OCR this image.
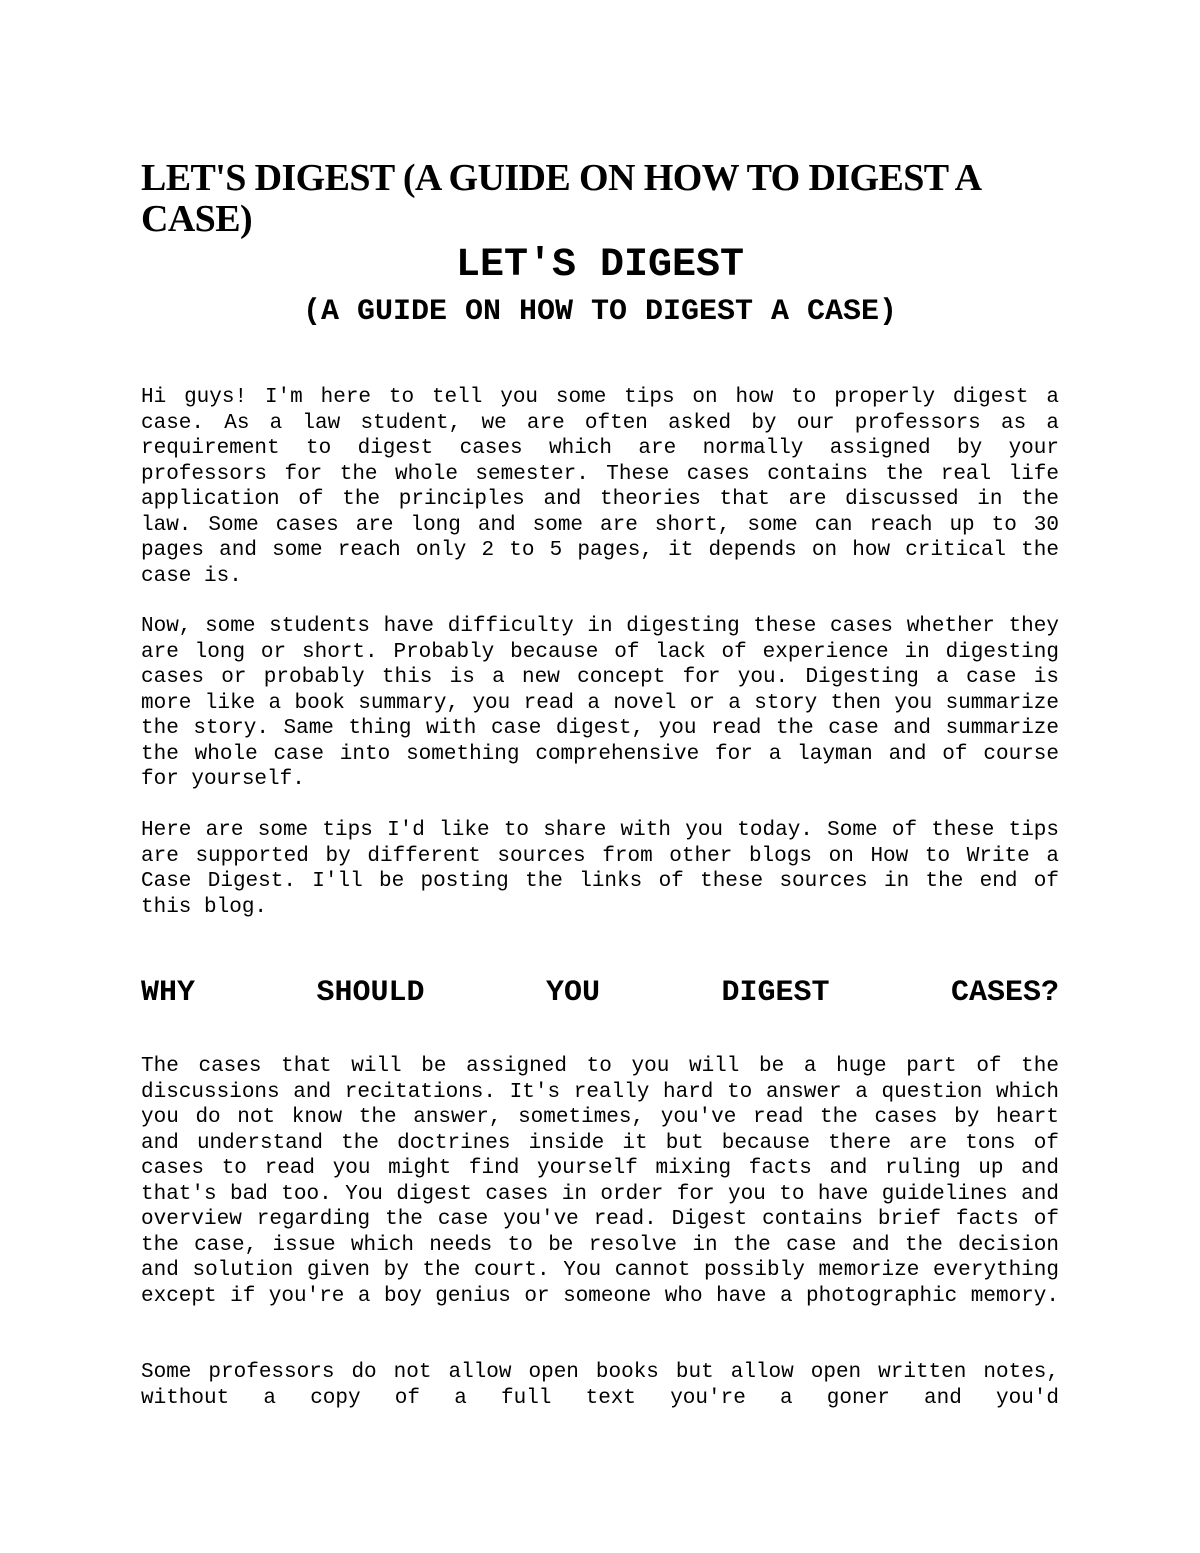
LET'S DIGEST (A GUIDE ON HOW TO DIGEST A CASE)
LET'S DIGEST
(A GUIDE ON HOW TO DIGEST A CASE)

Hi guys! I'm here to tell you some tips on how to properly digest a case. As a law student, we are often asked by our professors as a requirement to digest cases which are normally assigned by your professors for the whole semester. These cases contains the real life application of the principles and theories that are discussed in the law. Some cases are long and some are short, some can reach up to 30 pages and some reach only 2 to 5 pages, it depends on how critical the case is.

Now, some students have difficulty in digesting these cases whether they are long or short. Probably because of lack of experience in digesting cases or probably this is a new concept for you. Digesting a case is more like a book summary, you read a novel or a story then you summarize the story. Same thing with case digest, you read the case and summarize the whole case into something comprehensive for a layman and of course for yourself.

Here are some tips I'd like to share with you today. Some of these tips are supported by different sources from other blogs on How to Write a Case Digest. I'll be posting the links of these sources in the end of this blog.

WHY SHOULD YOU DIGEST CASES?

The cases that will be assigned to you will be a huge part of the discussions and recitations. It's really hard to answer a question which you do not know the answer, sometimes, you've read the cases by heart and understand the doctrines inside it but because there are tons of cases to read you might find yourself mixing facts and ruling up and that's bad too. You digest cases in order for you to have guidelines and overview regarding the case you've read. Digest contains brief facts of the case, issue which needs to be resolve in the case and the decision and solution given by the court. You cannot possibly memorize everything except if you're a boy genius or someone who have a photographic memory.

Some professors do not allow open books but allow open written notes, without a copy of a full text you're a goner and you'd
